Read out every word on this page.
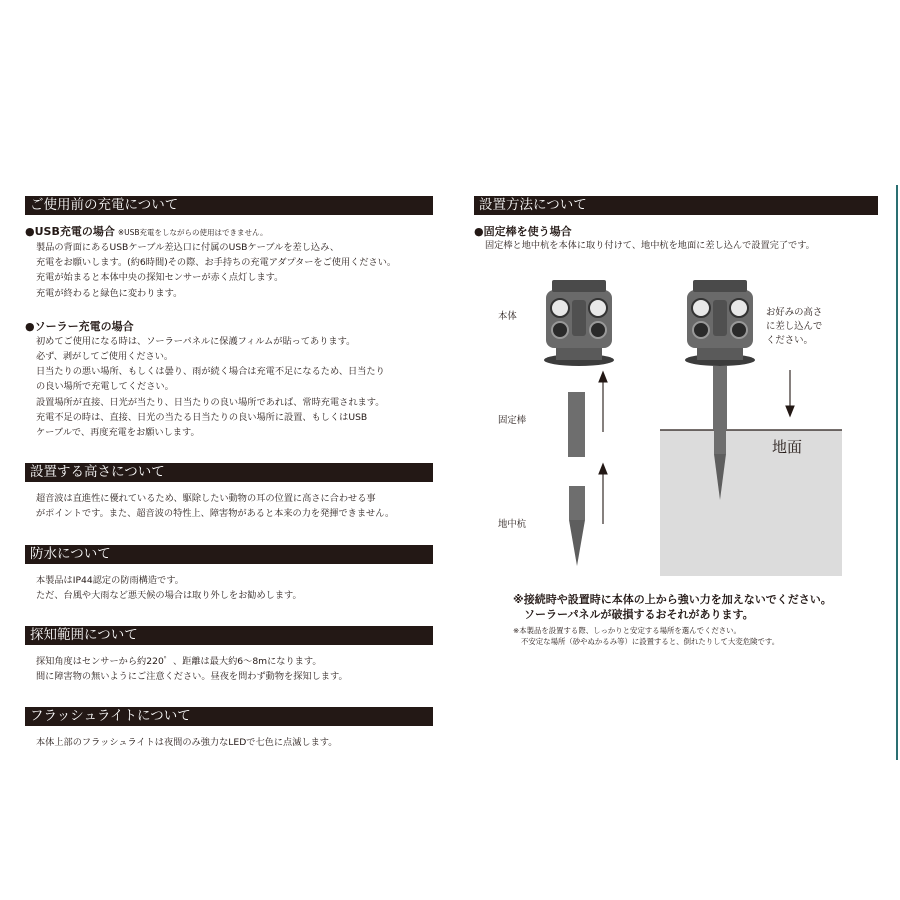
ご使用前の充電について
●USB充電の場合 ※USB充電をしながらの使用はできません。
製品の背面にあるUSBケーブル差込口に付属のUSBケーブルを差し込み、
充電をお願いします。(約6時間)その際、お手持ちの充電アダプターをご使用ください。
充電が始まると本体中央の探知センサーが赤く点灯します。
充電が終わると緑色に変わります。
●ソーラー充電の場合
初めてご使用になる時は、ソーラーパネルに保護フィルムが貼ってあります。
必ず、剥がしてご使用ください。
日当たりの悪い場所、もしくは曇り、雨が続く場合は充電不足になるため、日当たり
の良い場所で充電してください。
設置場所が直接、日光が当たり、日当たりの良い場所であれば、常時充電されます。
充電不足の時は、直接、日光の当たる日当たりの良い場所に設置、もしくはUSB
ケーブルで、再度充電をお願いします。
設置する高さについて
超音波は直進性に優れているため、駆除したい動物の耳の位置に高さに合わせる事
がポイントです。また、超音波の特性上、障害物があると本来の力を発揮できません。
防水について
本製品はIP44認定の防雨構造です。
ただ、台風や大雨など悪天候の場合は取り外しをお勧めします。
探知範囲について
探知角度はセンサーから約220゜、距離は最大約6～8mになります。
間に障害物の無いようにご注意ください。昼夜を問わず動物を探知します。
フラッシュライトについて
本体上部のフラッシュライトは夜間のみ強力なLEDで七色に点滅します。
設置方法について
●固定棒を使う場合
固定棒と地中杭を本体に取り付けて、地中杭を地面に差し込んで設置完了です。
本体
固定棒
地中杭
地面
お好みの高さ
に差し込んで
ください。
※接続時や設置時に本体の上から強い力を加えないでください。
ソーラーパネルが破損するおそれがあります。
※本製品を設置する際、しっかりと安定する場所を選んでください。
不安定な場所（砂やぬかるみ等）に設置すると、倒れたりして大変危険です。
